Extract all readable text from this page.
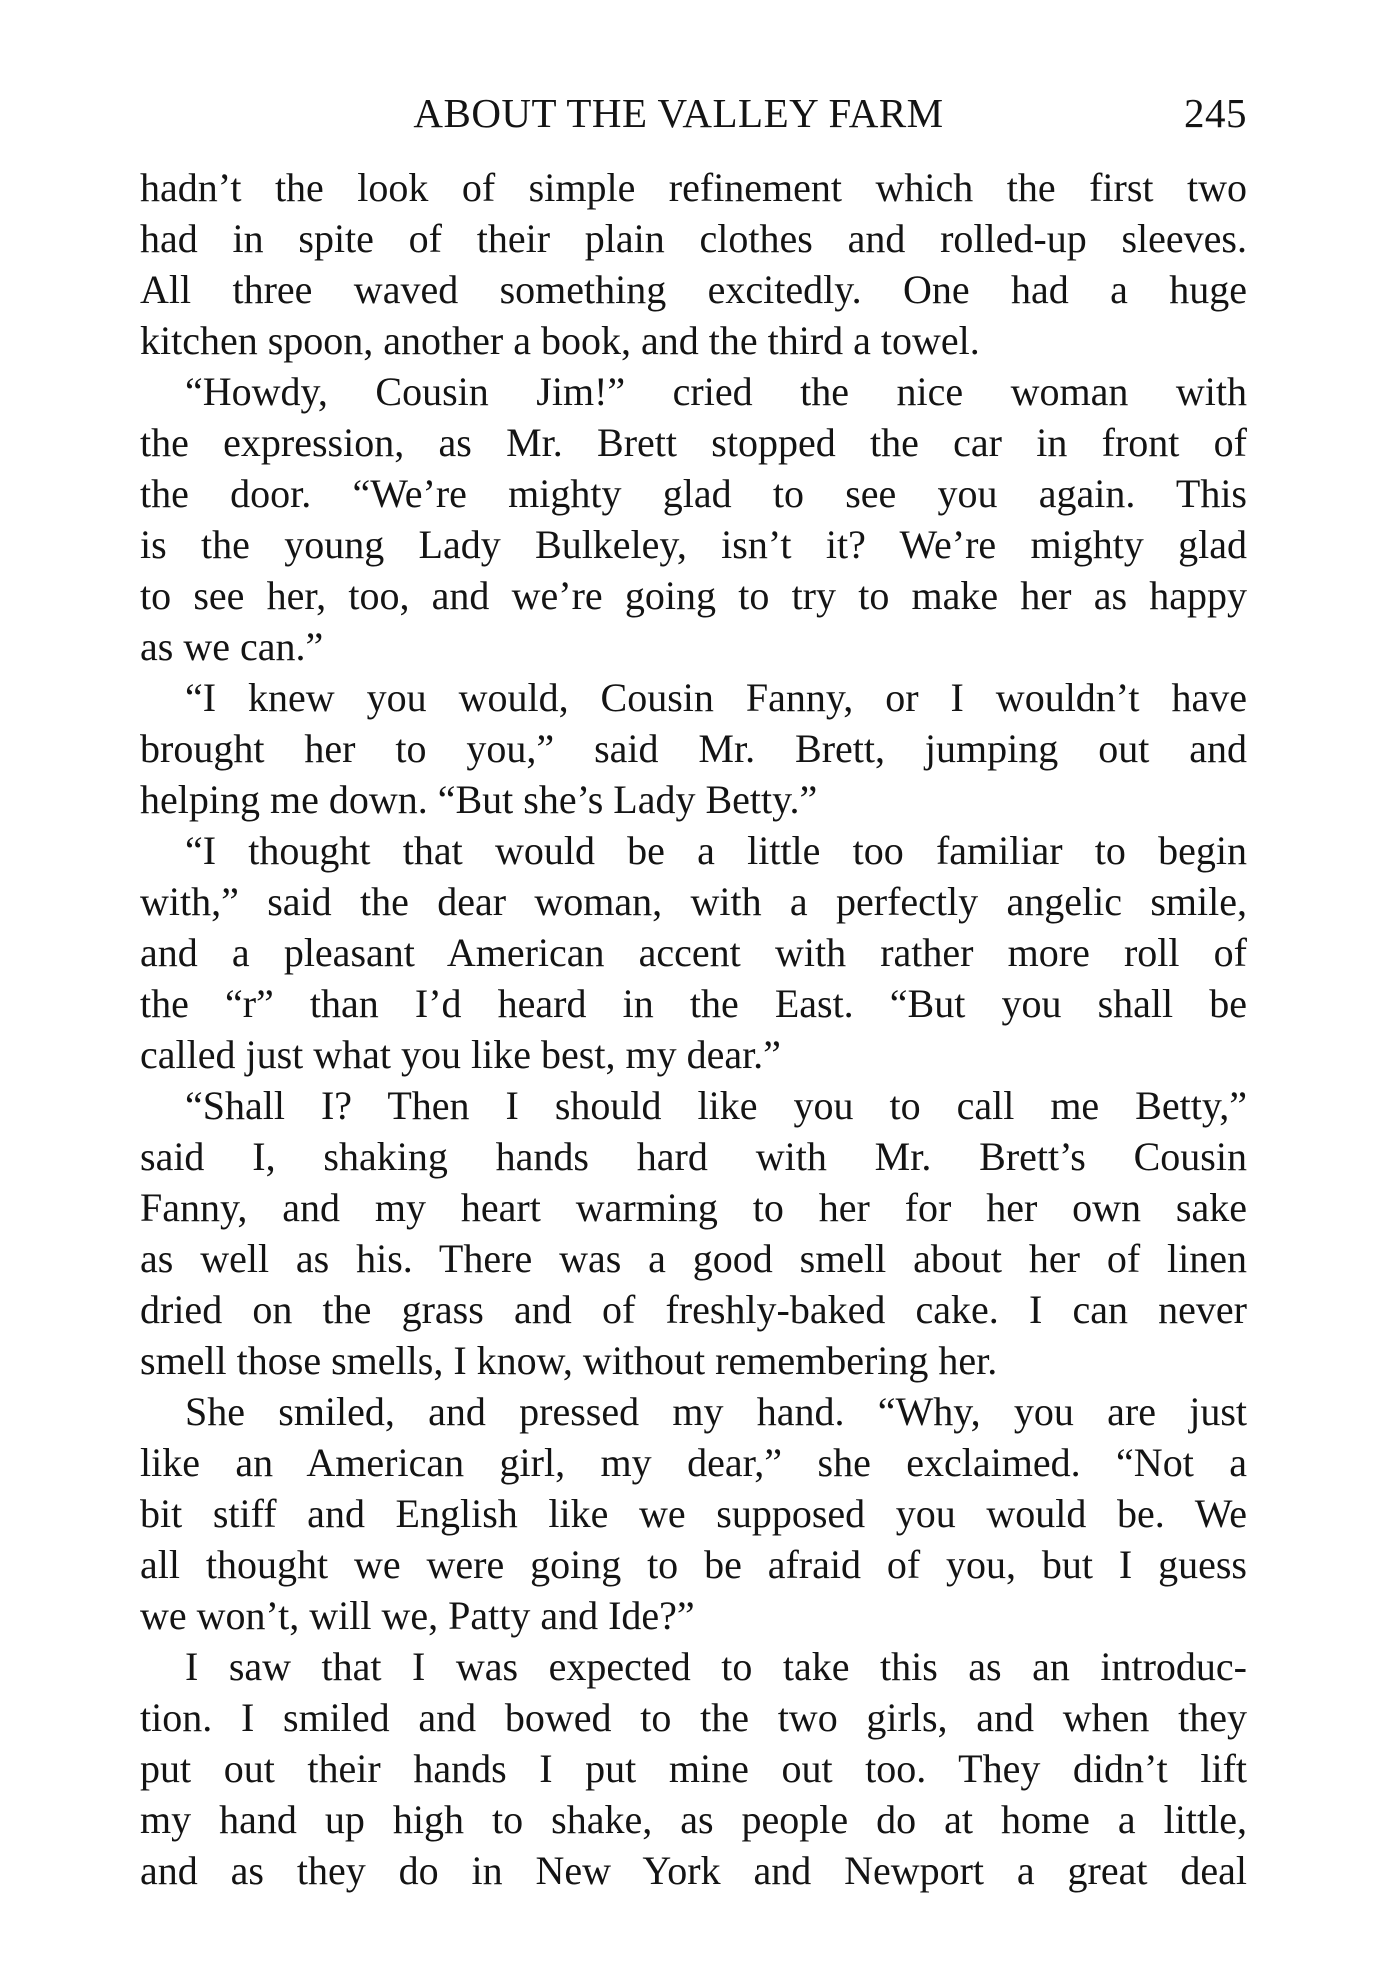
ABOUT THE VALLEY FARM	245
hadn’t the look of simple refinement which the first two
had in spite of their plain clothes and rolled-up sleeves.
All three waved something excitedly. One had a huge
kitchen spoon, another a book, and the third a towel.
“Howdy, Cousin Jim!” cried the nice woman with
the expression, as Mr. Brett stopped the car in front of
the door. “We’re mighty glad to see you again. This
is the young Lady Bulkeley, isn’t it? We’re mighty glad
to see her, too, and we’re going to try to make her as happy
as we can.”
“I knew you would, Cousin Fanny, or I wouldn’t have
brought her to you,” said Mr. Brett, jumping out and
helping me down. “But she’s Lady Betty.”
“I thought that would be a little too familiar to begin
with,” said the dear woman, with a perfectly angelic smile,
and a pleasant American accent with rather more roll of
the “r” than I’d heard in the East. “But you shall be
called just what you like best, my dear.”
“Shall I? Then I should like you to call me Betty,”
said I, shaking hands hard with Mr. Brett’s Cousin
Fanny, and my heart warming to her for her own sake
as well as his. There was a good smell about her of linen
dried on the grass and of freshly-baked cake. I can never
smell those smells, I know, without remembering her.
She smiled, and pressed my hand. “Why, you are just
like an American girl, my dear,” she exclaimed. “Not a
bit stiff and English like we supposed you would be. We
all thought we were going to be afraid of you, but I guess
we won’t, will we, Patty and Ide?”
I saw that I was expected to take this as an introduc-
tion. I smiled and bowed to the two girls, and when they
put out their hands I put mine out too. They didn’t lift
my hand up high to shake, as people do at home a little,
and as they do in New York and Newport a great deal
